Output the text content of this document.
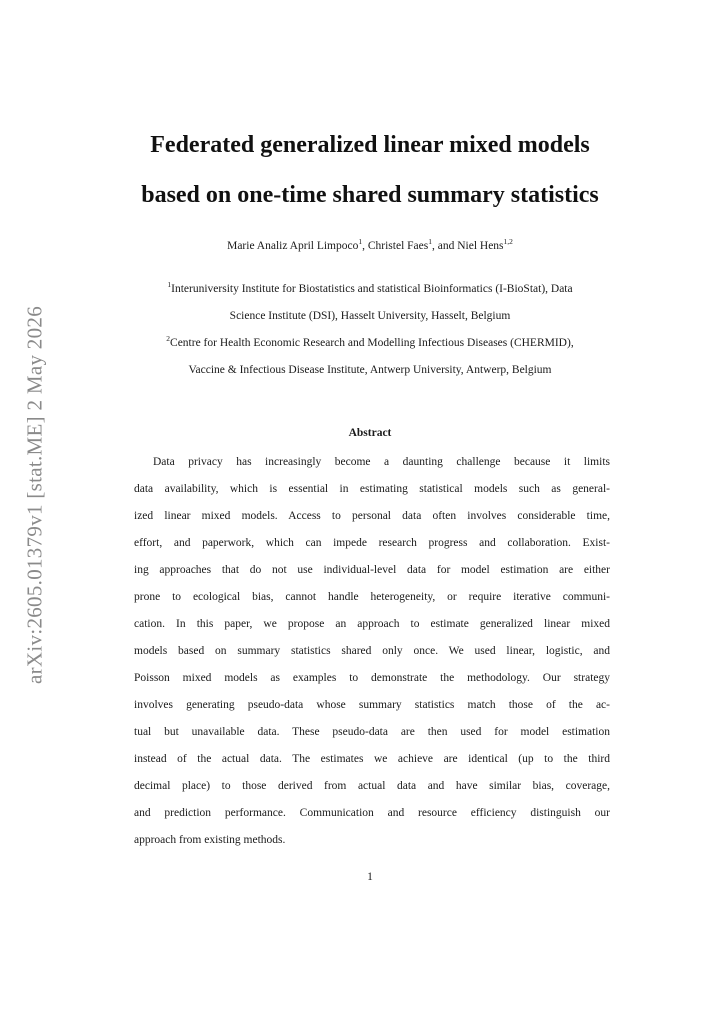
arXiv:2605.01379v1 [stat.ME] 2 May 2026
Federated generalized linear mixed models
based on one-time shared summary statistics
Marie Analiz April Limpoco$^1$, Christel Faes$^1$, and Niel Hens$^{1,2}$
$^1$Interuniversity Institute for Biostatistics and statistical Bioinformatics (I-BioStat), Data
Science Institute (DSI), Hasselt University, Hasselt, Belgium
$^2$Centre for Health Economic Research and Modelling Infectious Diseases (CHERMID),
Vaccine & Infectious Disease Institute, Antwerp University, Antwerp, Belgium
Abstract
Data privacy has increasingly become a daunting challenge because it limits
data availability, which is essential in estimating statistical models such as general-
ized linear mixed models. Access to personal data often involves considerable time,
effort, and paperwork, which can impede research progress and collaboration. Exist-
ing approaches that do not use individual-level data for model estimation are either
prone to ecological bias, cannot handle heterogeneity, or require iterative communi-
cation. In this paper, we propose an approach to estimate generalized linear mixed
models based on summary statistics shared only once. We used linear, logistic, and
Poisson mixed models as examples to demonstrate the methodology. Our strategy
involves generating pseudo-data whose summary statistics match those of the ac-
tual but unavailable data. These pseudo-data are then used for model estimation
instead of the actual data. The estimates we achieve are identical (up to the third
decimal place) to those derived from actual data and have similar bias, coverage,
and prediction performance. Communication and resource efficiency distinguish our
approach from existing methods.
1
